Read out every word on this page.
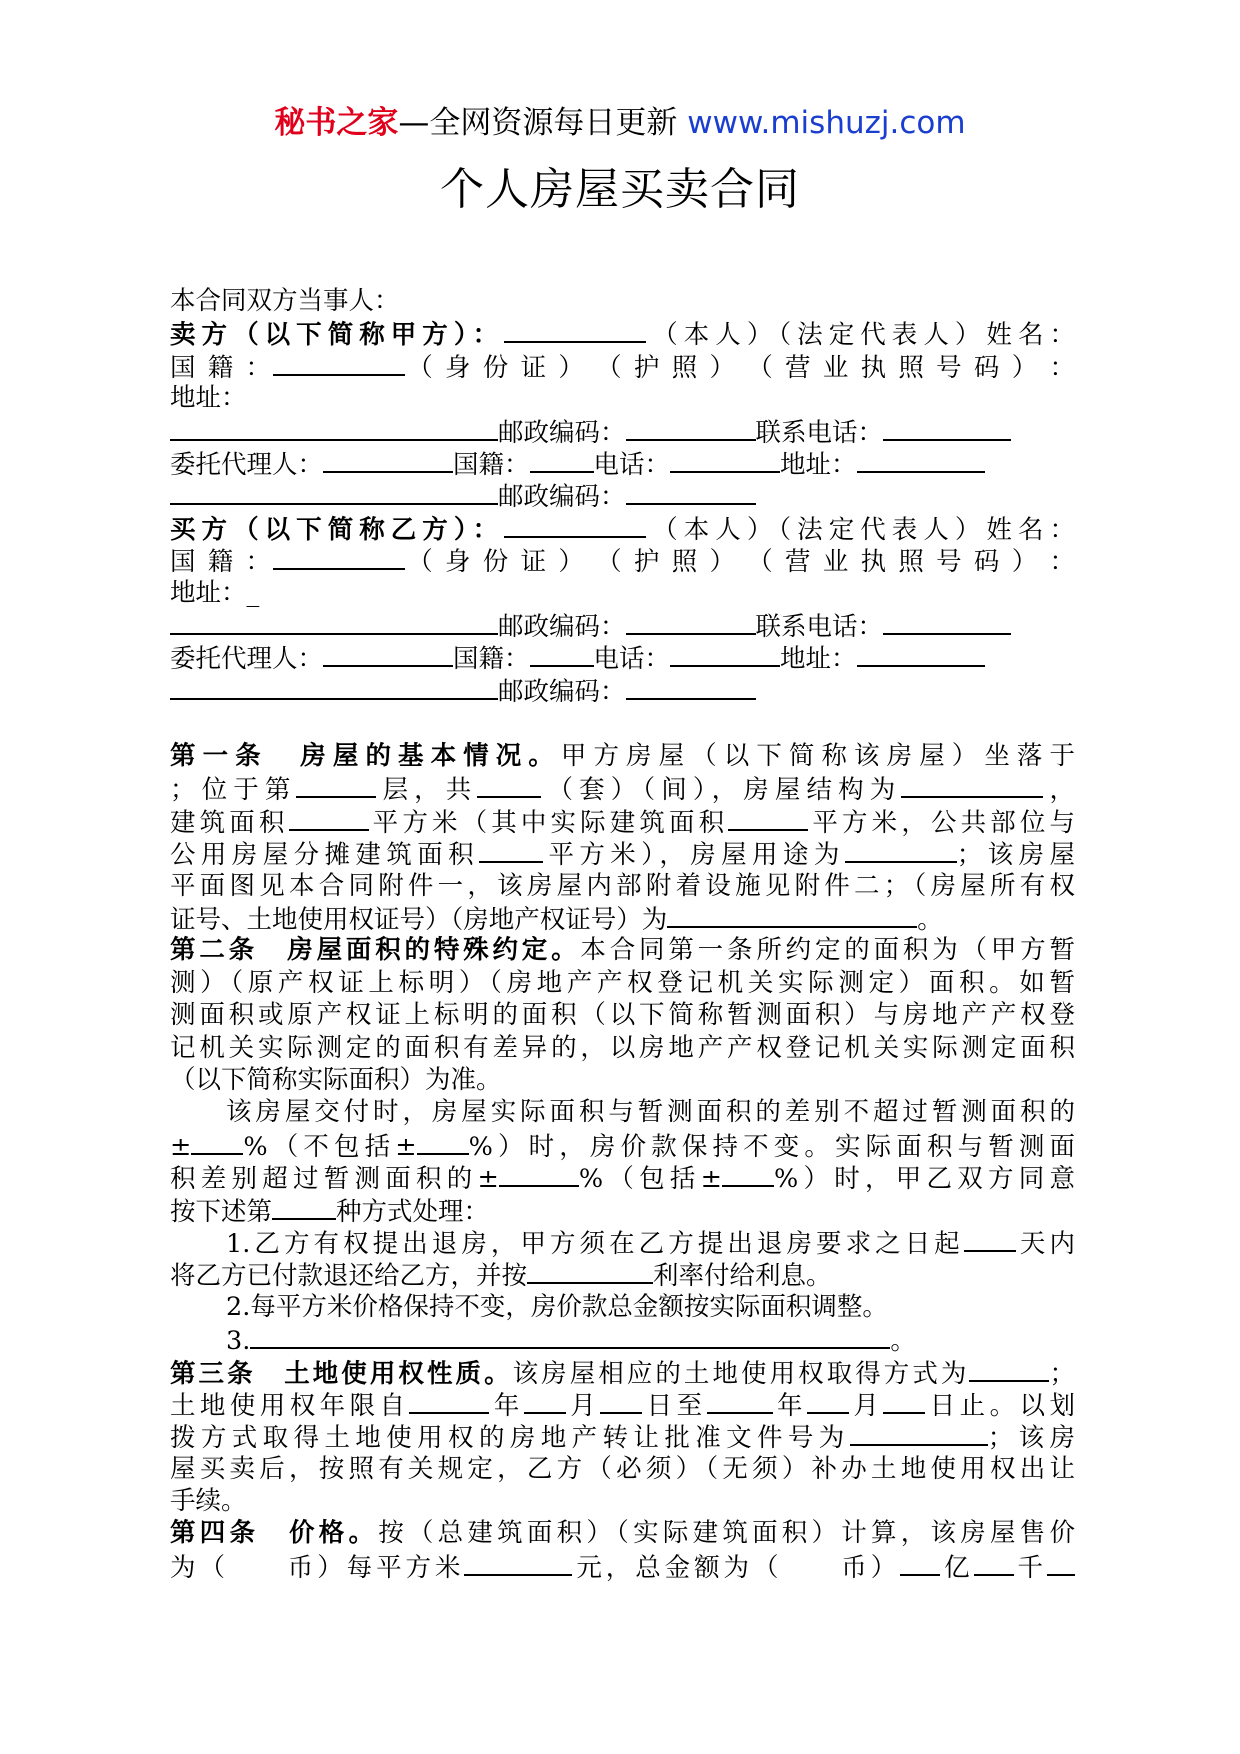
秘书之家—全网资源每日更新 www.mishuzj.com
个人房屋买卖合同
本合同双方当事人：
卖方（以下简称甲方）：	（本人）（法定代表人）姓名：
国 籍 ：	（ 身 份 证 ） （ 护 照 ） （ 营 业 执 照 号 码 ） ：
地址：
邮政编码：	联系电话：
委托代理人：	国籍：	电话：	地址：
邮政编码：
买方（以下简称乙方）：	（本人）（法定代表人）姓名：
国 籍 ：	（ 身 份 证 ） （ 护 照 ） （ 营 业 执 照 号 码 ） ：
地址：_
邮政编码：	联系电话：
委托代理人：	国籍：	电话：	地址：
邮政编码：
第一条　房屋的基本情况。甲方房屋（以下简称该房屋）坐落于
；位于第	层，共	（套）（间），房屋结构为	，
建筑面积	平方米（其中实际建筑面积	平方米，公共部位与
公用房屋分摊建筑面积	平方米），房屋用途为	；该房屋
平面图见本合同附件一，该房屋内部附着设施见附件二；（房屋所有权
证号、土地使用权证号）（房地产权证号）为	。
第二条　房屋面积的特殊约定。本合同第一条所约定的面积为（甲方暂
测）（原产权证上标明）（房地产产权登记机关实际测定）面积。如暂
测面积或原产权证上标明的面积（以下简称暂测面积）与房地产产权登
记机关实际测定的面积有差异的，以房地产产权登记机关实际测定面积
（以下简称实际面积）为准。
该房屋交付时，房屋实际面积与暂测面积的差别不超过暂测面积的
± %（不包括± %）时，房价款保持不变。实际面积与暂测面
积差别超过暂测面积的±	%（包括± %）时，甲乙双方同意
按下述第	种方式处理：
1.乙方有权提出退房，甲方须在乙方提出退房要求之日起 天内
将乙方已付款退还给乙方，并按	利率付给利息。
2.每平方米价格保持不变，房价款总金额按实际面积调整。
3.	。
第三条　土地使用权性质。该房屋相应的土地使用权取得方式为	；
土地使用权年限自	年 月 日至	年 月 日止。以划
拨方式取得土地使用权的房地产转让批准文件号为	；该房
屋买卖后，按照有关规定，乙方（必须）（无须）补办土地使用权出让
手续。
第四条　价格。按（总建筑面积）（实际建筑面积）计算，该房屋售价
为（　　币）每平方米	元，总金额为（　　币） 亿 千
